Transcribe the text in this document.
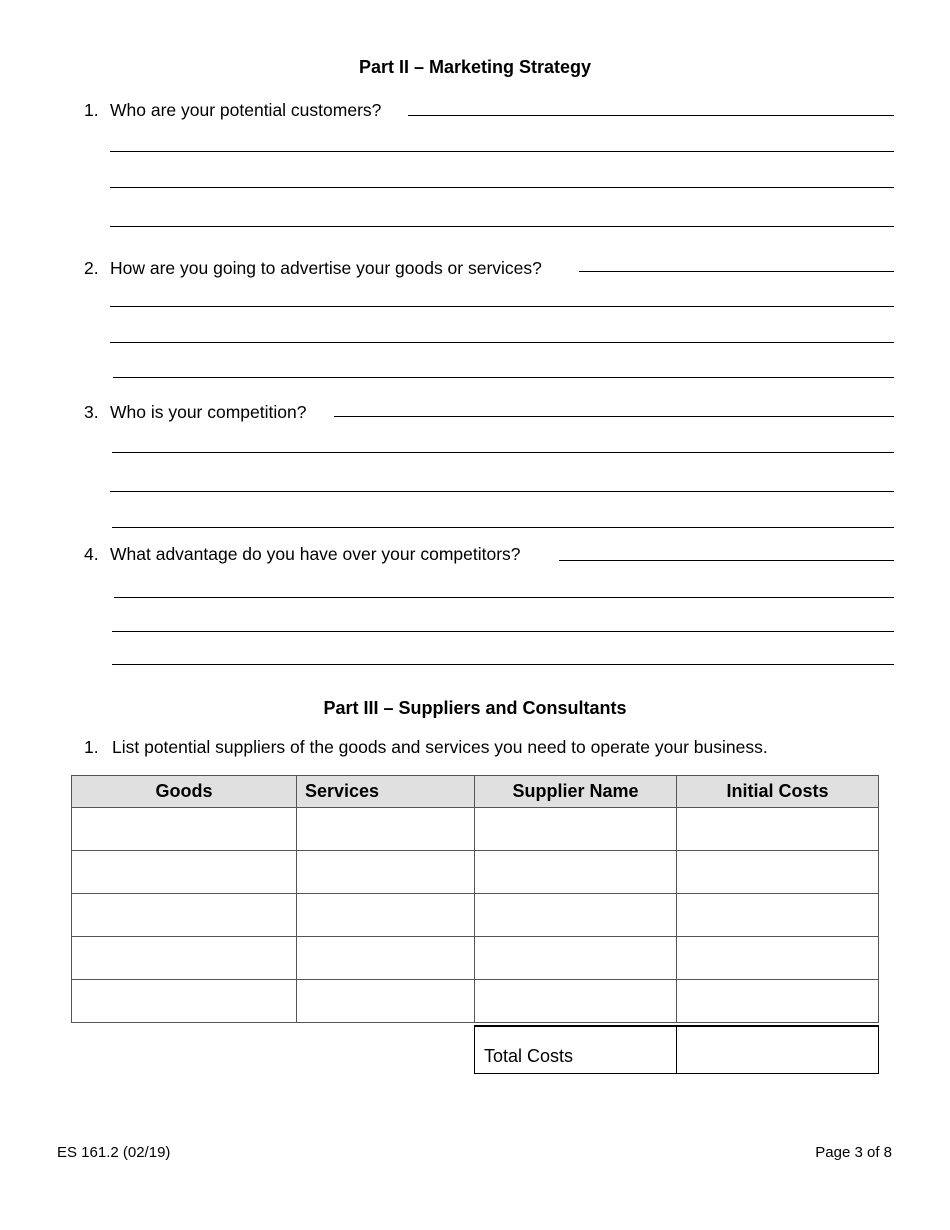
Part II – Marketing Strategy
1. Who are your potential customers?
2. How are you going to advertise your goods or services?
3. Who is your competition?
4. What advantage do you have over your competitors?
Part III – Suppliers and Consultants
1. List potential suppliers of the goods and services you need to operate your business.
Goods	Services	Supplier Name	Initial Costs

Total Costs
ES 161.2 (02/19)	Page 3 of 8
